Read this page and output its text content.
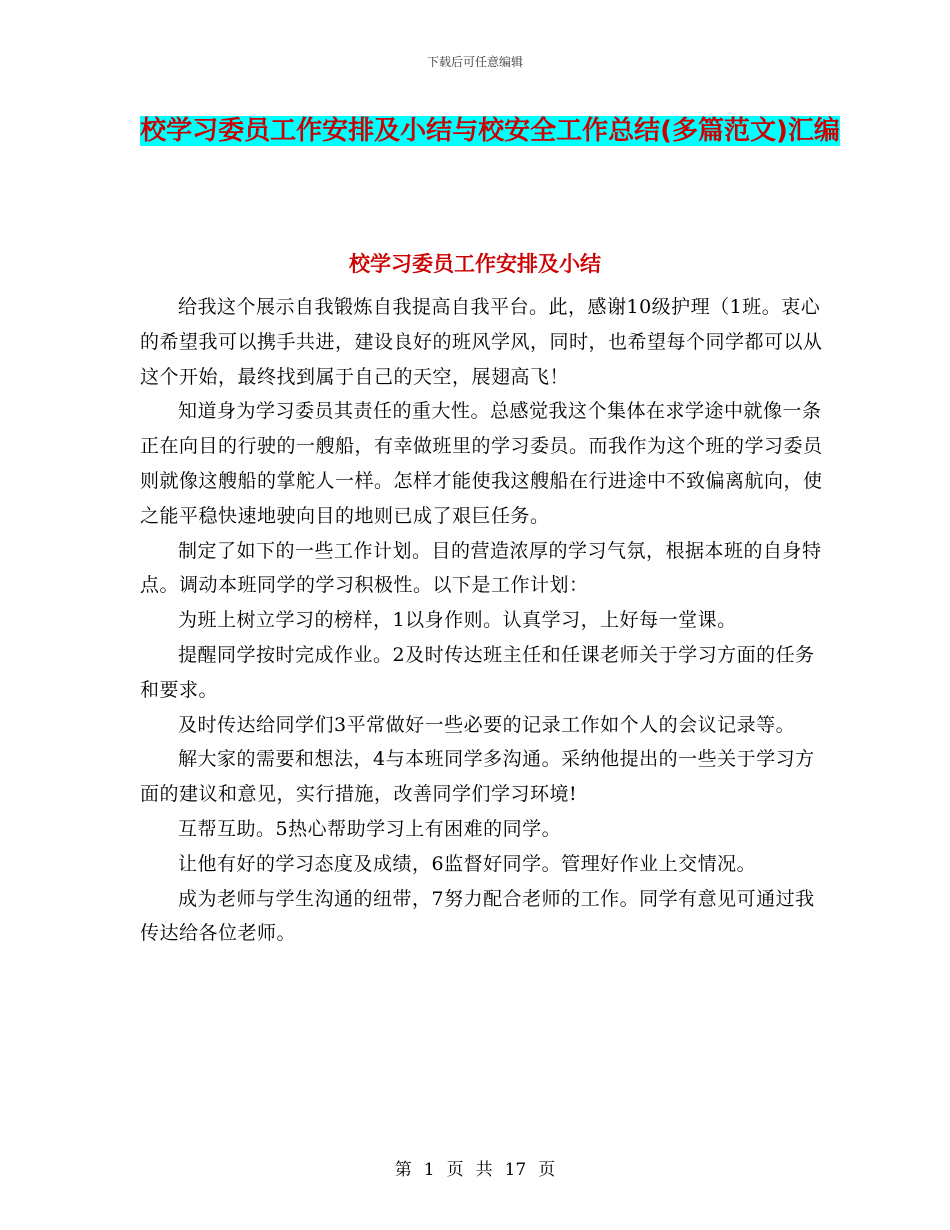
下载后可任意编辑
校学习委员工作安排及小结与校安全工作总结(多篇范文)汇编
校学习委员工作安排及小结

给我这个展示自我锻炼自我提高自我平台。此，感谢10级护理（1班。衷心的希望我可以携手共进，建设良好的班风学风，同时，也希望每个同学都可以从这个开始，最终找到属于自己的天空，展翅高飞！

知道身为学习委员其责任的重大性。总感觉我这个集体在求学途中就像一条正在向目的行驶的一艘船，有幸做班里的学习委员。而我作为这个班的学习委员则就像这艘船的掌舵人一样。怎样才能使我这艘船在行进途中不致偏离航向，使之能平稳快速地驶向目的地则已成了艰巨任务。

制定了如下的一些工作计划。目的营造浓厚的学习气氛，根据本班的自身特点。调动本班同学的学习积极性。以下是工作计划：

为班上树立学习的榜样，1以身作则。认真学习，上好每一堂课。

提醒同学按时完成作业。2及时传达班主任和任课老师关于学习方面的任务和要求。

及时传达给同学们3平常做好一些必要的记录工作如个人的会议记录等。

解大家的需要和想法，4与本班同学多沟通。采纳他提出的一些关于学习方面的建议和意见，实行措施，改善同学们学习环境!

互帮互助。5热心帮助学习上有困难的同学。

让他有好的学习态度及成绩，6监督好同学。管理好作业上交情况。

成为老师与学生沟通的纽带，7努力配合老师的工作。同学有意见可通过我传达给各位老师。

第 1 页 共 17 页
